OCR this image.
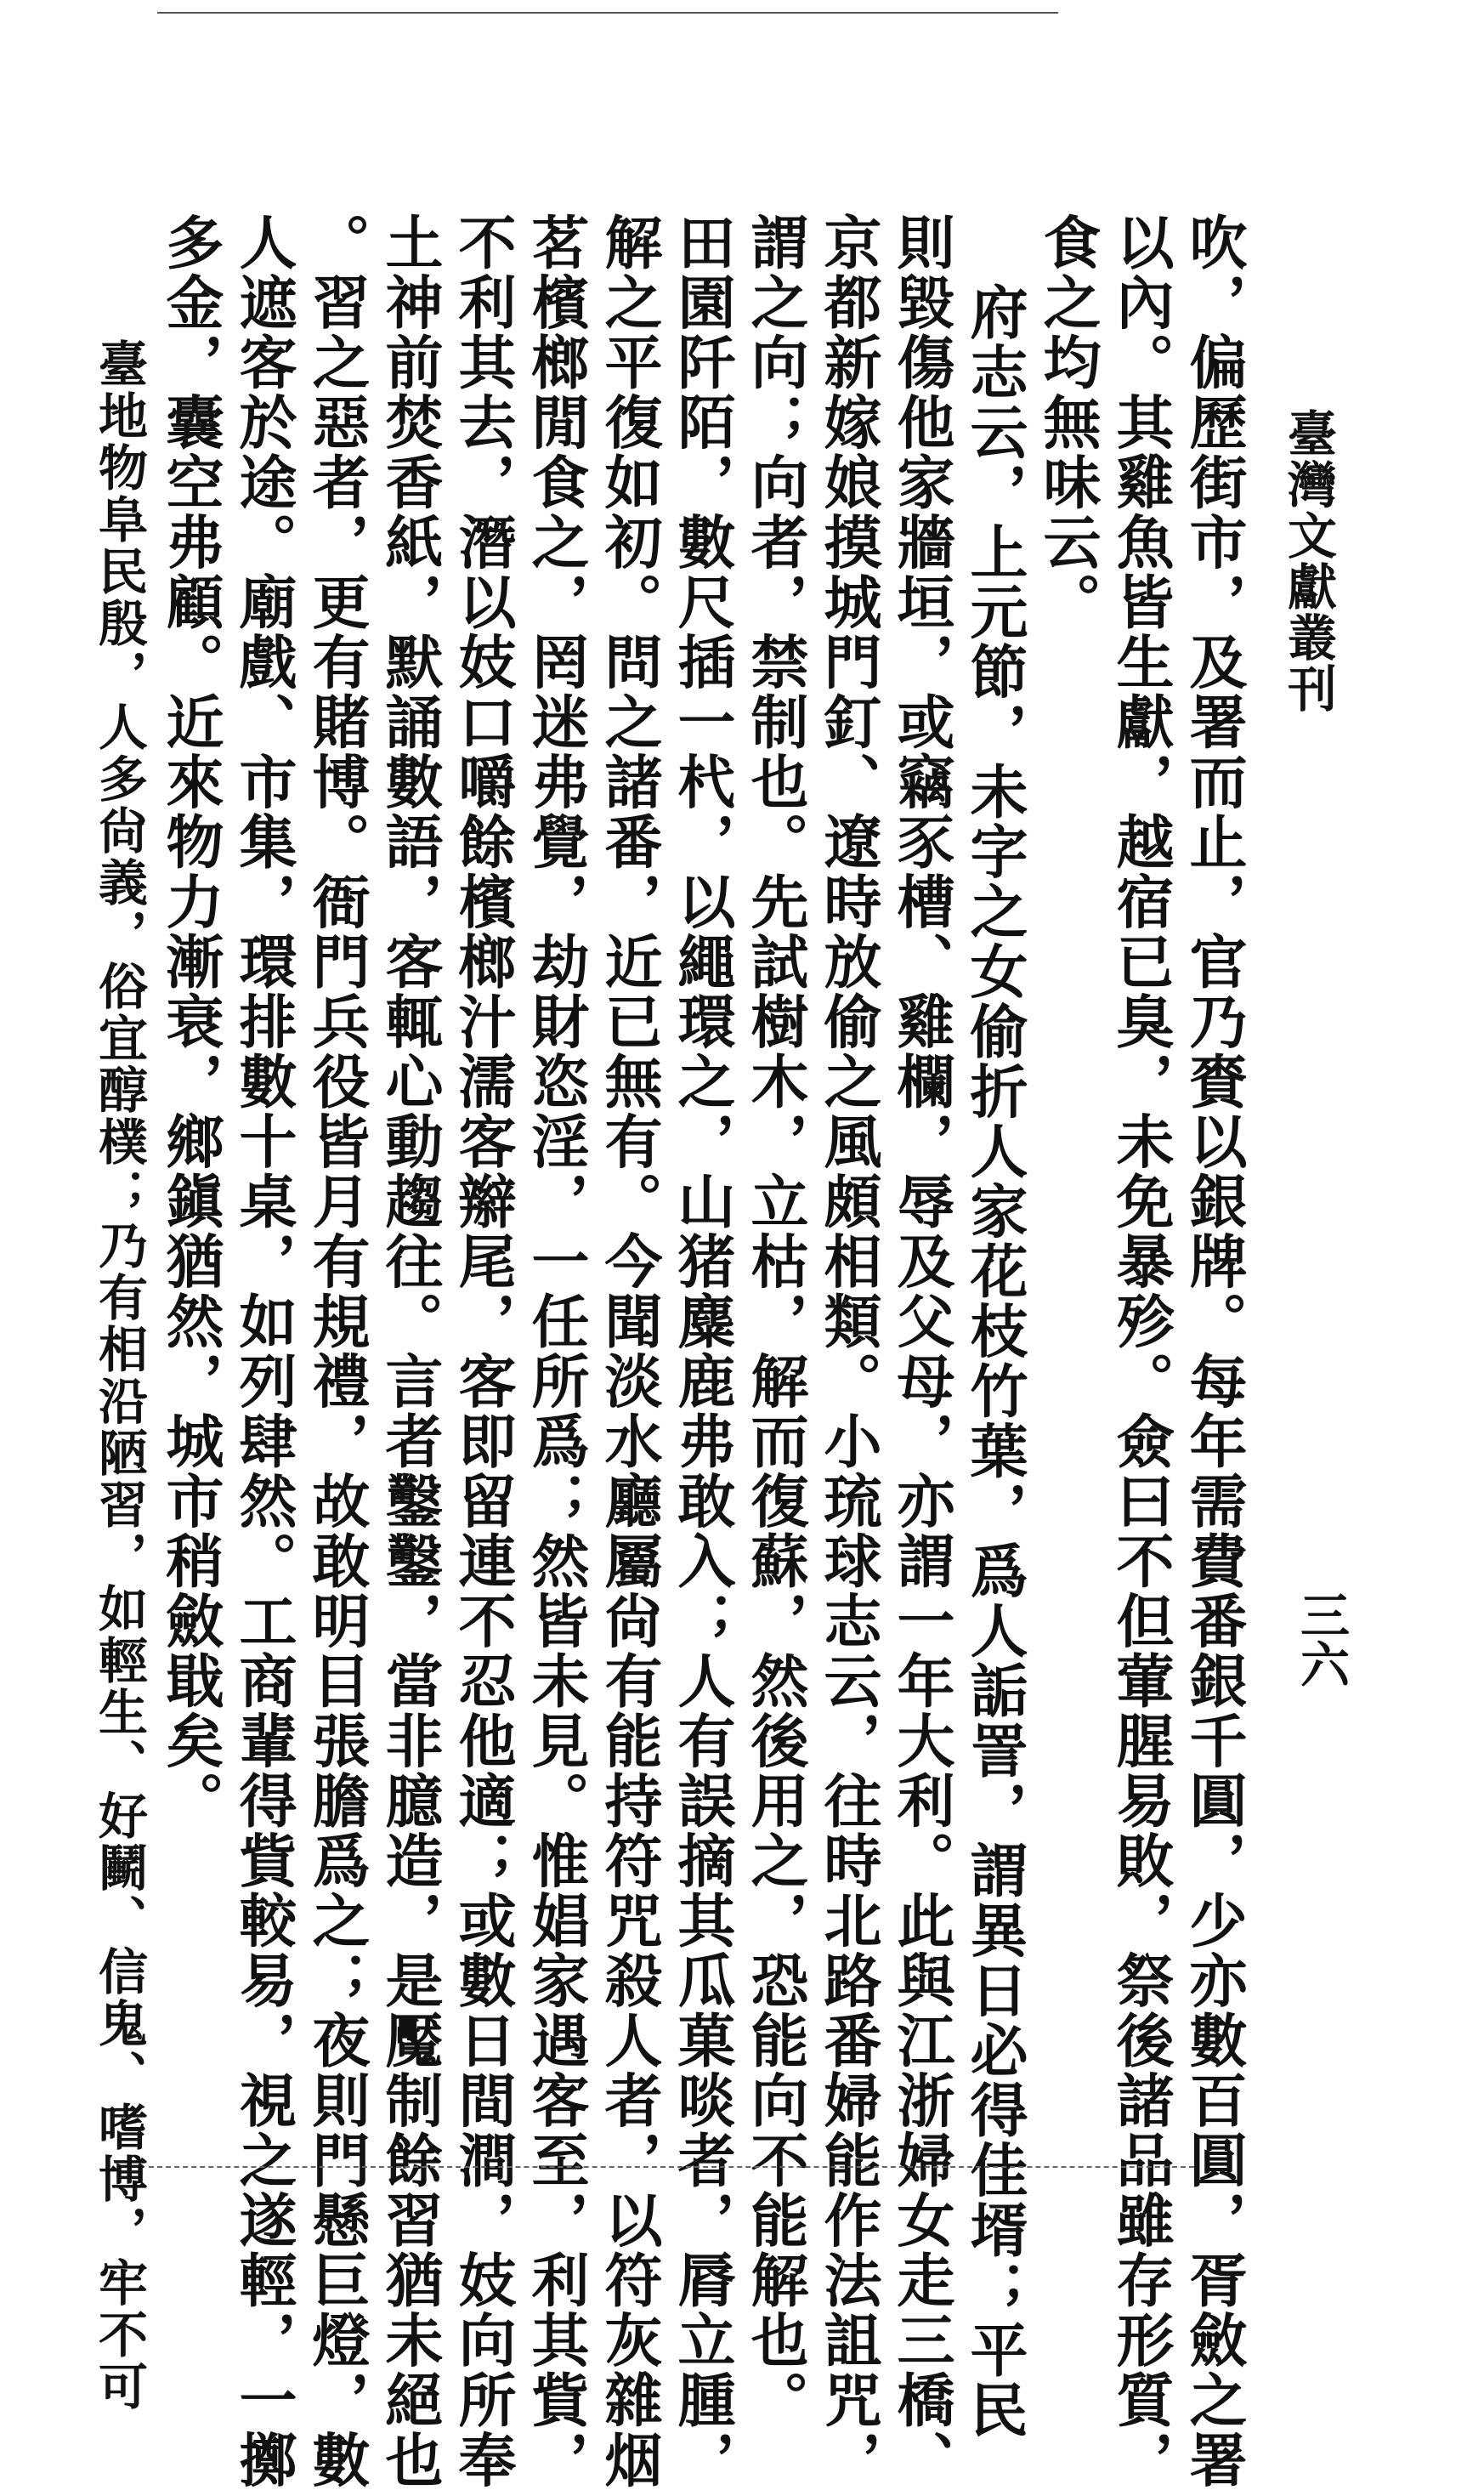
臺灣文獻叢刊
三六
吹，偏歷街市，及署而止，官乃賚以銀牌。每年需費番銀千圓，少亦數百圓，胥斂之署
以內。其雞魚皆生獻，越宿已臭，未免暴殄。僉曰不但葷腥易敗，祭後諸品雖存形質，
食之均無味云。
府志云，上元節，未字之女偷折人家花枝竹葉，爲人詬詈，謂異日必得佳壻；平民
則毀傷他家牆垣，或竊豕槽、雞欄，辱及父母，亦謂一年大利。此與江浙婦女走三橋、
京都新嫁娘摸城門釘、遼時放偷之風頗相類。小琉球志云，往時北路番婦能作法詛咒，
謂之向；向者，禁制也。先試樹木，立枯，解而復蘇，然後用之，恐能向不能解也。
田園阡陌，數尺插一杙，以繩環之，山猪麋鹿弗敢入；人有誤摘其瓜菓啖者，脣立腫，
解之平復如初。問之諸番，近已無有。今聞淡水廳屬尙有能持符咒殺人者，以符灰雜烟
茗檳榔閒食之，罔迷弗覺，劫財恣淫，一任所爲；然皆未見。惟娼家遇客至，利其貲，
不利其去，潛以妓口嚼餘檳榔汁濡客辮尾，客即留連不忍他適；或數日間澗，妓向所奉
土神前焚香紙，默誦數語，客輒心動趨往。言者鑿鑿，當非臆造，是魘制餘習猶未絕也
。習之惡者，更有賭博。衙門兵役皆月有規禮，故敢明目張膽爲之；夜則門懸巨燈，數
人遮客於途。廟戲、市集，環排數十桌，如列肆然。工商輩得貲較易，視之遂輕，一擲
多金，囊空弗顧。近來物力漸衰，鄉鎭猶然，城市稍斂戢矣。
臺地物阜民殷，人多尙義，俗宜醇樸；乃有相沿陋習，如輕生、好鬭、信鬼、嗜博，牢不可
